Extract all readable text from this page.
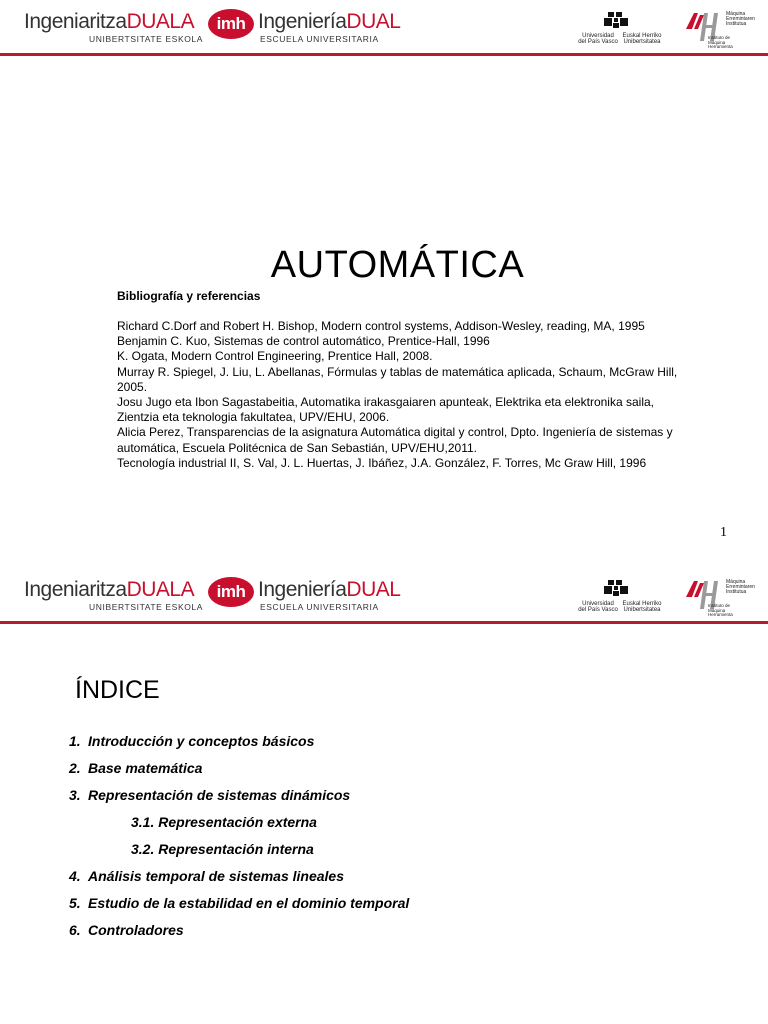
IngeniaritzaDUALA
UNIBERTSITATE ESKOLA
imh IngenieríaDUAL
ESCUELA UNIVERSITARIA	Universidad del País Vasco
Euskal Herriko Unibertsitatea
Máquina Erremintaren Institutua
Instituto de Máquina Herramienta
AUTOMÁTICA
Bibliografía y referencias
Richard C.Dorf and Robert H. Bishop, Modern control systems, Addison-Wesley, reading, MA, 1995
Benjamin C. Kuo, Sistemas de control automático, Prentice-Hall, 1996
K. Ogata, Modern Control Engineering, Prentice Hall, 2008.
Murray R. Spiegel, J. Liu, L. Abellanas, Fórmulas y tablas de matemática aplicada, Schaum, McGraw Hill, 2005.
Josu Jugo eta Ibon Sagastabeitia, Automatika irakasgaiaren apunteak, Elektrika eta elektronika saila, Zientzia eta teknologia fakultatea, UPV/EHU, 2006.
Alicia Perez, Transparencias de la asignatura Automática digital y control, Dpto. Ingeniería de sistemas y automática, Escuela Politécnica de San Sebastián, UPV/EHU,2011.
Tecnología industrial II, S. Val, J. L. Huertas, J. Ibáñez, J.A. González, F. Torres, Mc Graw Hill, 1996
1
IngeniaritzaDUALA
UNIBERTSITATE ESKOLA
imh IngenieríaDUAL
ESCUELA UNIVERSITARIA	Universidad del País Vasco
Euskal Herriko Unibertsitatea
Máquina Erremintaren Institutua
Instituto de Máquina Herramienta
ÍNDICE
1. Introducción y conceptos básicos
2. Base matemática
3. Representación de sistemas dinámicos
3.1. Representación externa
3.2. Representación interna
4. Análisis temporal de sistemas lineales
5. Estudio de la estabilidad en el dominio temporal
6. Controladores
